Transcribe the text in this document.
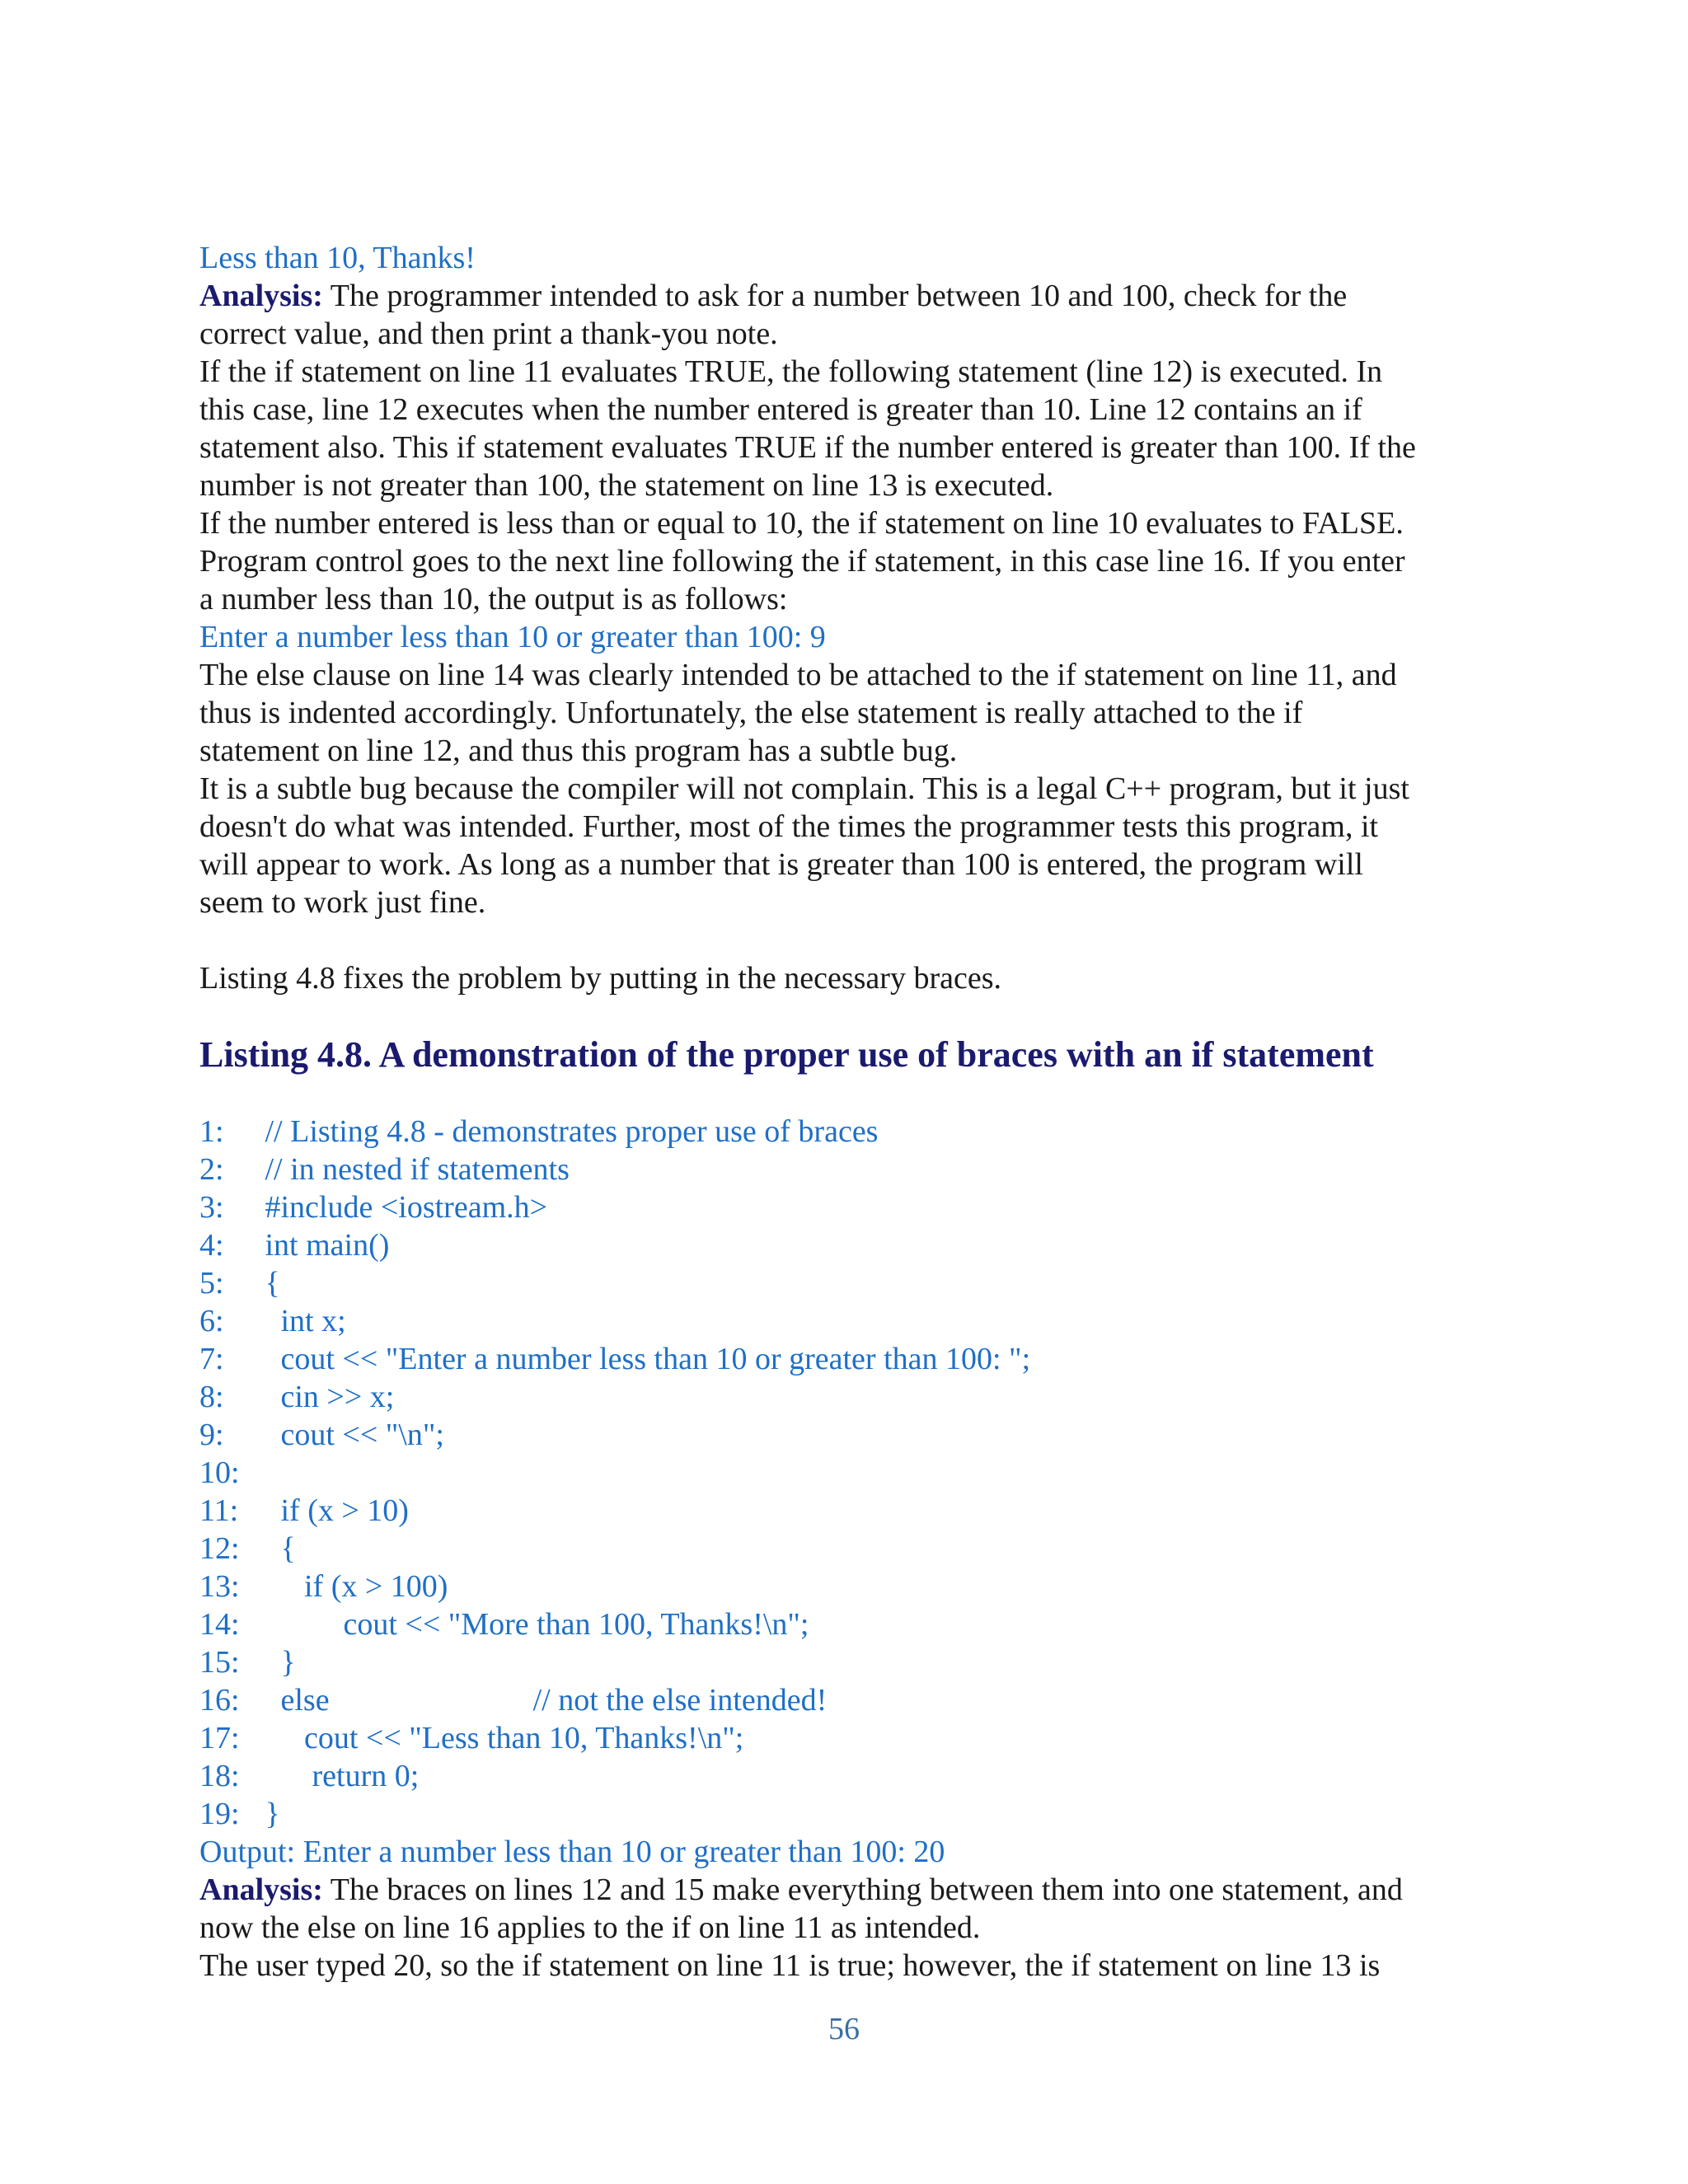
Less than 10, Thanks!

Analysis: The programmer intended to ask for a number between 10 and 100, check for the

correct value, and then print a thank-you note.

If the if statement on line 11 evaluates TRUE, the following statement (line 12) is executed. In

this case, line 12 executes when the number entered is greater than 10. Line 12 contains an if

statement also. This if statement evaluates TRUE if the number entered is greater than 100. If the

number is not greater than 100, the statement on line 13 is executed.

If the number entered is less than or equal to 10, the if statement on line 10 evaluates to FALSE.

Program control goes to the next line following the if statement, in this case line 16. If you enter

a number less than 10, the output is as follows:

Enter a number less than 10 or greater than 100: 9

The else clause on line 14 was clearly intended to be attached to the if statement on line 11, and

thus is indented accordingly. Unfortunately, the else statement is really attached to the if

statement on line 12, and thus this program has a subtle bug.

It is a subtle bug because the compiler will not complain. This is a legal C++ program, but it just

doesn't do what was intended. Further, most of the times the programmer tests this program, it

will appear to work. As long as a number that is greater than 100 is entered, the program will

seem to work just fine.

Listing 4.8 fixes the problem by putting in the necessary braces.

Listing 4.8. A demonstration of the proper use of braces with an if statement

1: // Listing 4.8 - demonstrates proper use of braces
2: // in nested if statements
3: #include <iostream.h>
4: int main()
5: {
6:   int x;
7:   cout << "Enter a number less than 10 or greater than 100: ";
8:   cin >> x;
9:   cout << "\n";
10:
11:   if (x > 10)
12:   {
13:      if (x > 100)
14:           cout << "More than 100, Thanks!\n";
15:   }
16:   else                          // not the else intended!
17:      cout << "Less than 10, Thanks!\n";
18:       return 0;
19: }

Output: Enter a number less than 10 or greater than 100: 20

Analysis: The braces on lines 12 and 15 make everything between them into one statement, and

now the else on line 16 applies to the if on line 11 as intended.

The user typed 20, so the if statement on line 11 is true; however, the if statement on line 13 is

56
